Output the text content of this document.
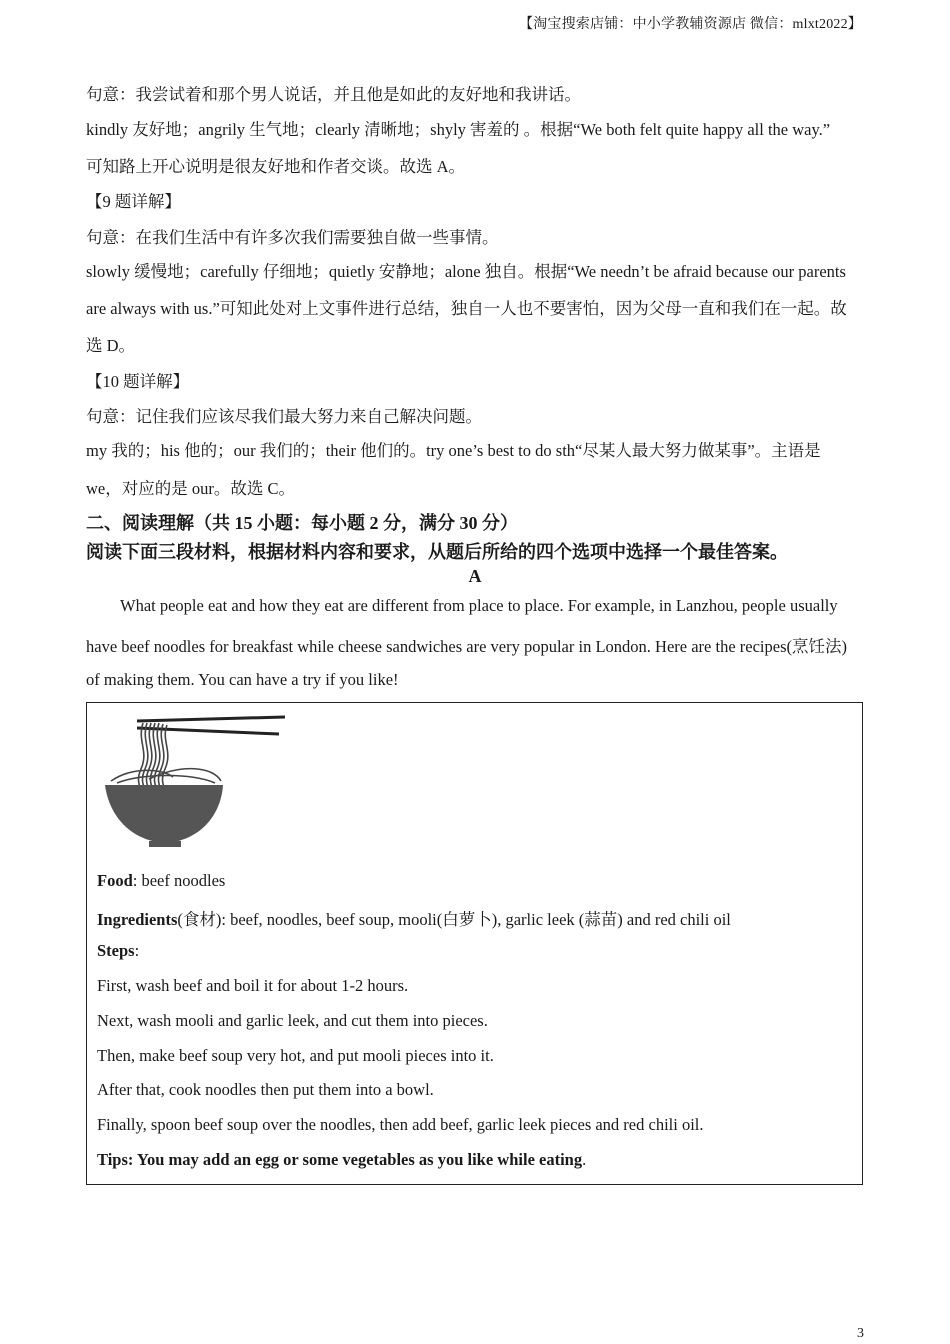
【淘宝搜索店铺：中小学教辅资源店 微信：mlxt2022】
句意：我尝试着和那个男人说话，并且他是如此的友好地和我讲话。
kindly 友好地；angrily 生气地；clearly 清晰地；shyly 害羞的 。根据“We both felt quite happy all the way.”
可知路上开心说明是很友好地和作者交谈。故选 A。
【9 题详解】
句意：在我们生活中有许多次我们需要独自做一些事情。
slowly 缓慢地；carefully 仔细地；quietly 安静地；alone 独自。根据“We needn’t be afraid because our parents
are always with us.”可知此处对上文事件进行总结，独自一人也不要害怕，因为父母一直和我们在一起。故
选 D。
【10 题详解】
句意：记住我们应该尽我们最大努力来自己解决问题。
my 我的；his 他的；our 我们的；their 他们的。try one’s best to do sth“尽某人最大努力做某事”。主语是
we，对应的是 our。故选 C。
二、阅读理解（共 15 小题：每小题 2 分，满分 30 分）
阅读下面三段材料，根据材料内容和要求，从题后所给的四个选项中选择一个最佳答案。
A
What people eat and how they eat are different from place to place. For example, in Lanzhou, people usually
have beef noodles for breakfast while cheese sandwiches are very popular in London. Here are the recipes(烹饪法)
of making them. You can have a try if you like!
Food: beef noodles
Ingredients(食材): beef, noodles, beef soup, mooli(白萝卜), garlic leek (蒜苗) and red chili oil
Steps:
First, wash beef and boil it for about 1-2 hours.
Next, wash mooli and garlic leek, and cut them into pieces.
Then, make beef soup very hot, and put mooli pieces into it.
After that, cook noodles then put them into a bowl.
Finally, spoon beef soup over the noodles, then add beef, garlic leek pieces and red chili oil.
Tips: You may add an egg or some vegetables as you like while eating.
3
